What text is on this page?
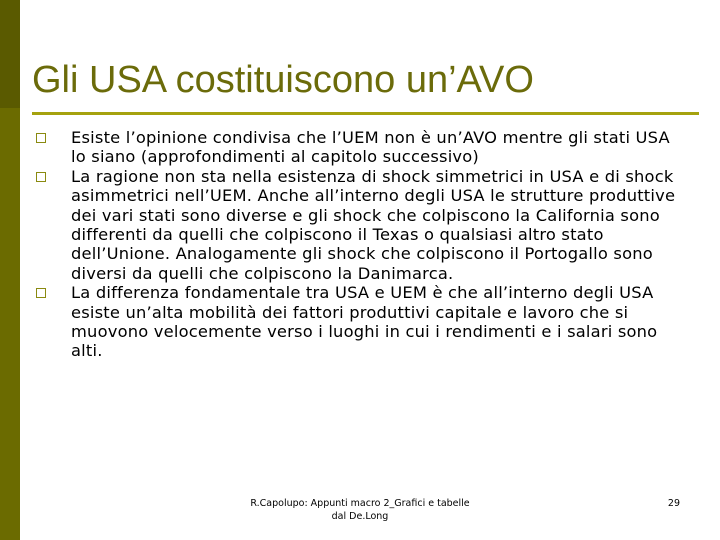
Gli USA costituiscono un’AVO
Esiste l’opinione condivisa che l’UEM non è un’AVO mentre gli stati USA lo siano (approfondimenti al capitolo successivo)
La ragione non sta nella esistenza di shock simmetrici in USA e di shock asimmetrici nell’UEM. Anche all’interno degli USA le strutture produttive dei vari stati sono diverse e gli shock che colpiscono la California sono differenti da quelli che colpiscono il Texas o qualsiasi altro stato dell’Unione. Analogamente gli shock che colpiscono il Portogallo sono diversi da quelli che colpiscono la Danimarca.
La differenza fondamentale tra USA e UEM è che all’interno degli USA esiste un’alta mobilità dei fattori produttivi capitale e lavoro che si muovono velocemente verso i luoghi in cui i rendimenti e i salari sono alti.
R.Capolupo: Appunti macro 2_Grafici e tabelle dal De.Long
29
